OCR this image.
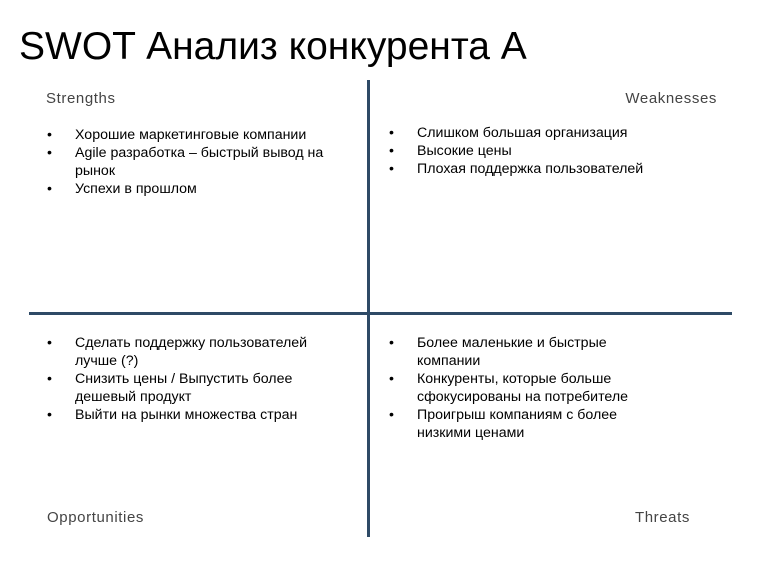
SWOT Анализ конкурента А
Strengths	Weaknesses
Opportunities	Threats
•	Хорошие маркетинговые компании
•	Agile разработка – быстрый вывод на рынок
•	Успехи в прошлом
•	Слишком большая организация
•	Высокие цены
•	Плохая поддержка пользователей
•	Сделать поддержку пользователей лучше (?)
•	Снизить цены / Выпустить более дешевый продукт
•	Выйти на рынки множества стран
•	Более маленькие и быстрые компании
•	Конкуренты, которые больше сфокусированы на потребителе
•	Проигрыш компаниям с более низкими ценами
